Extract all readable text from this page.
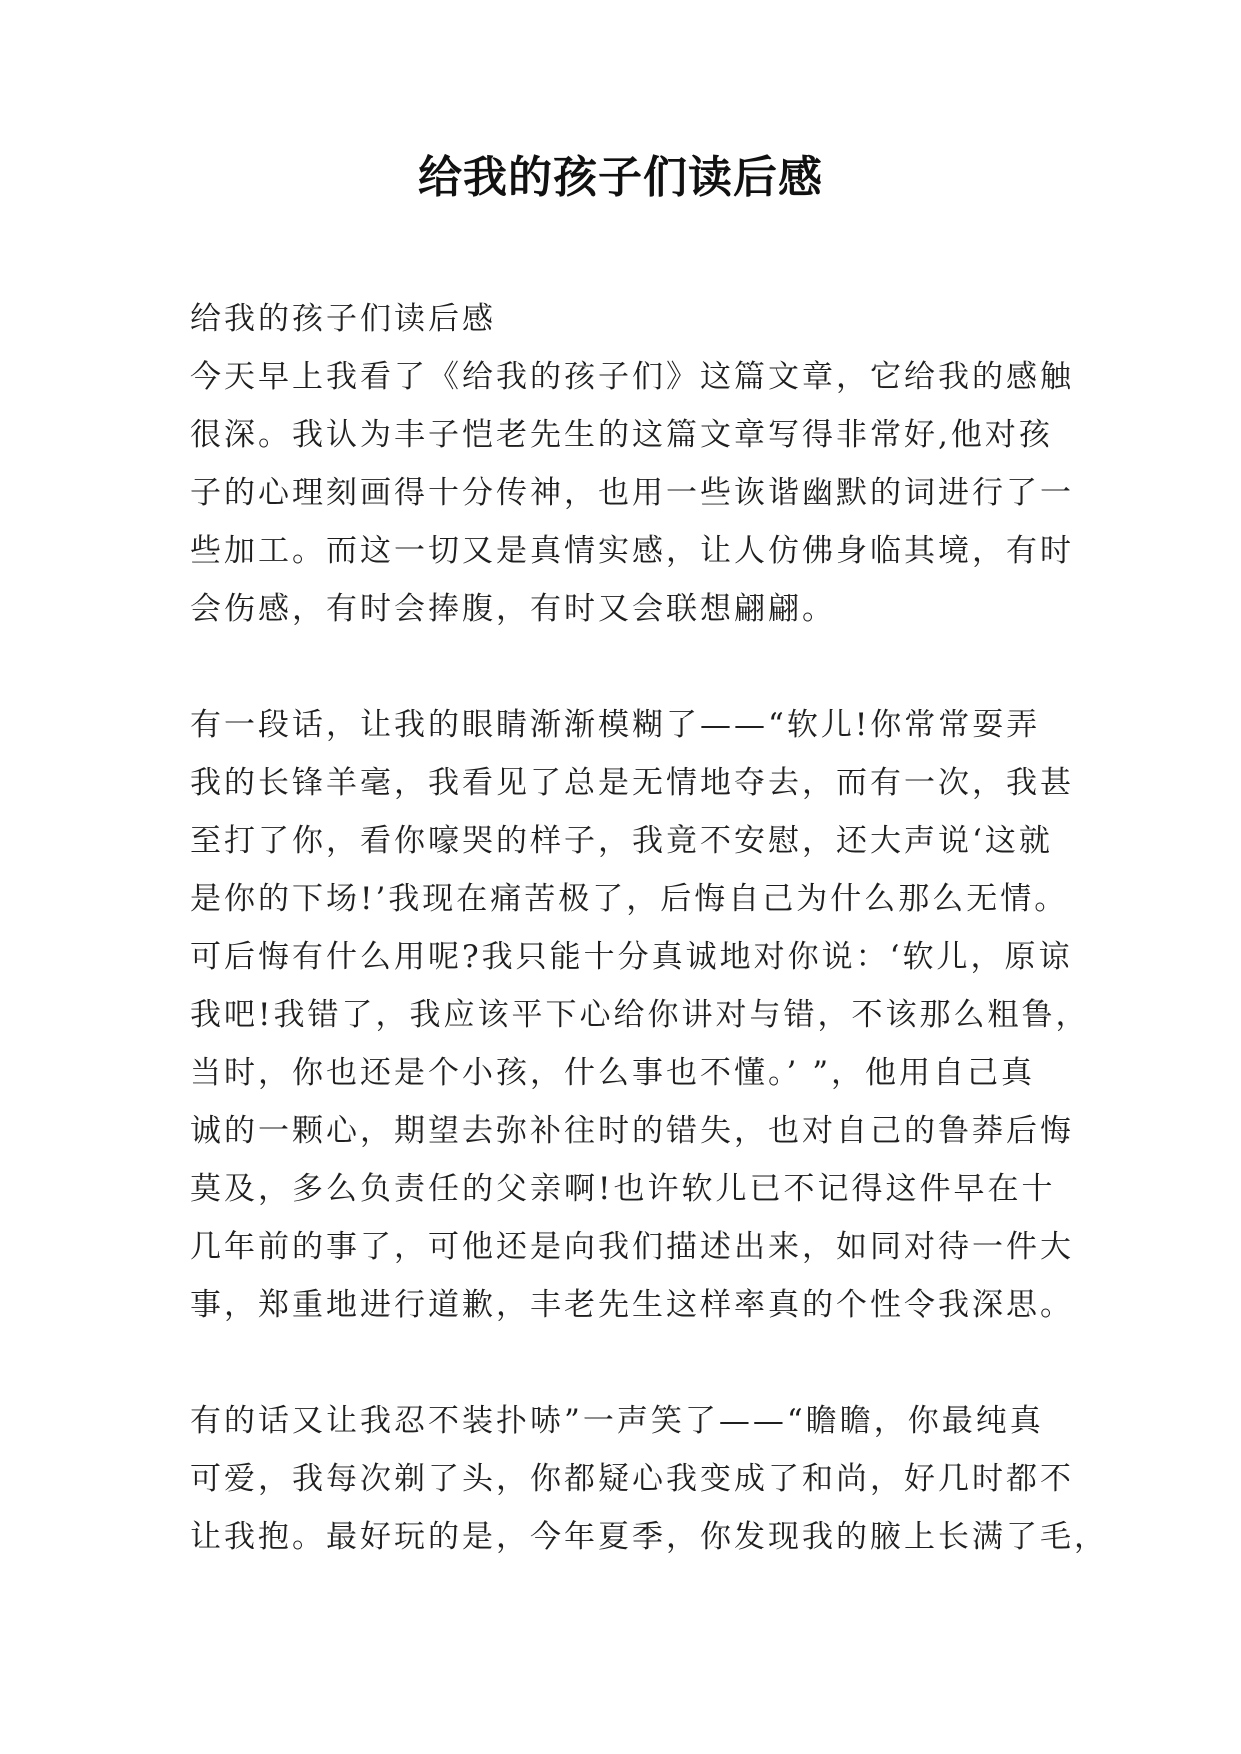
给我的孩子们读后感
给我的孩子们读后感
今天早上我看了《给我的孩子们》这篇文章，它给我的感触
很深。我认为丰子恺老先生的这篇文章写得非常好,他对孩
子的心理刻画得十分传神，也用一些诙谐幽默的词进行了一
些加工。而这一切又是真情实感，让人仿佛身临其境，有时
会伤感，有时会捧腹，有时又会联想翩翩。
有一段话，让我的眼睛渐渐模糊了——“软儿!你常常耍弄
我的长锋羊毫，我看见了总是无情地夺去，而有一次，我甚
至打了你，看你嚎哭的样子，我竟不安慰，还大声说‘这就
是你的下场!’我现在痛苦极了，后悔自己为什么那么无情。
可后悔有什么用呢?我只能十分真诚地对你说：‘软儿，原谅
我吧!我错了，我应该平下心给你讲对与错，不该那么粗鲁，
当时，你也还是个小孩，什么事也不懂。’ ”，他用自己真
诚的一颗心，期望去弥补往时的错失，也对自己的鲁莽后悔
莫及，多么负责任的父亲啊!也许软儿已不记得这件早在十
几年前的事了，可他还是向我们描述出来，如同对待一件大
事，郑重地进行道歉，丰老先生这样率真的个性令我深思。
有的话又让我忍不装扑哧”一声笑了——“瞻瞻，你最纯真
可爱，我每次剃了头，你都疑心我变成了和尚，好几时都不
让我抱。最好玩的是，今年夏季，你发现我的腋上长满了毛，
